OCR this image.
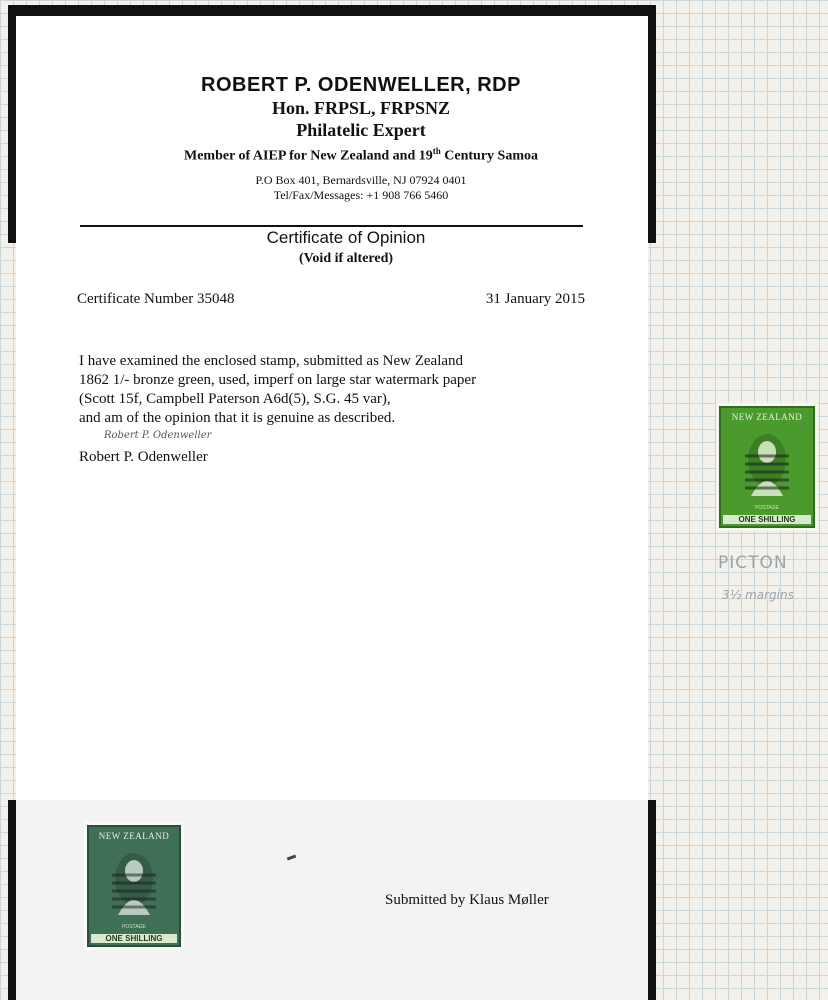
ROBERT P. ODENWELLER, RDP
Hon. FRPSL, FRPSNZ
Philatelic Expert
Member of AIEP for New Zealand and 19th Century Samoa
P.O Box 401, Bernardsville, NJ 07924 0401
Tel/Fax/Messages: +1 908 766 5460
Certificate of Opinion
(Void if altered)
Certificate Number 35048	31 January 2015
I have examined the enclosed stamp, submitted as New Zealand
1862 1/- bronze green, used, imperf on large star watermark paper
(Scott 15f, Campbell Paterson A6d(5), S.G. 45 var),
and am of the opinion that it is genuine as described.
Robert P. Odenweller
Robert P. Odenweller
Submitted by Klaus Møller
NEW ZEALAND
POSTAGE
ONE SHILLING
NEW ZEALAND
POSTAGE
ONE SHILLING
PICTON
3½ margins
